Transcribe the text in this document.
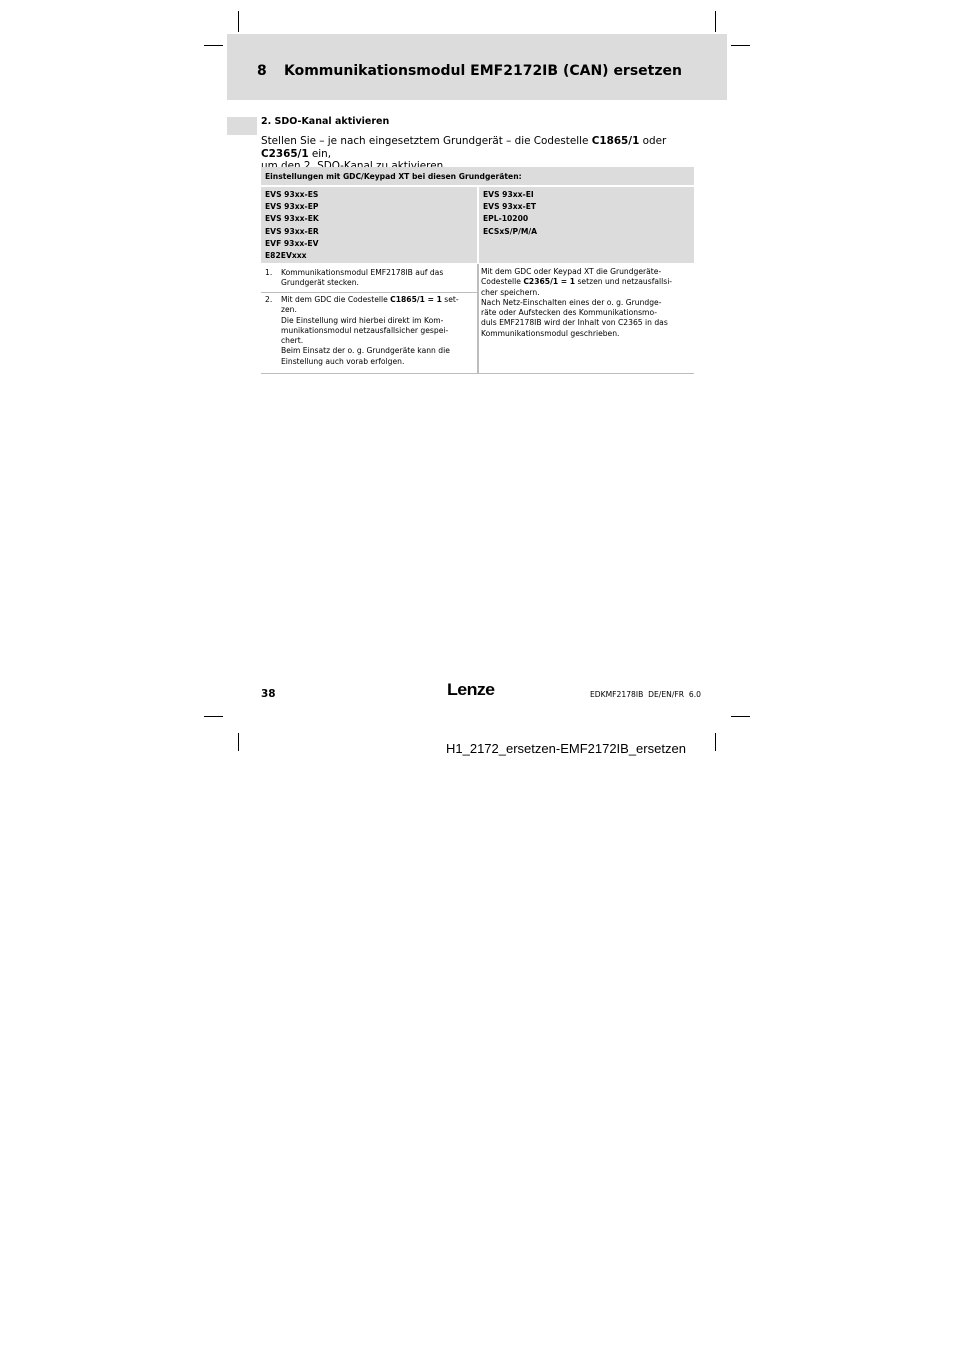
8 Kommunikationsmodul EMF2172IB (CAN) ersetzen
2. SDO-Kanal aktivieren
Stellen Sie – je nach eingesetztem Grundgerät – die Codestelle C1865/1 oder C2365/1 ein,

Einstellungen mit GDC/Keypad XT bei diesen Grundgeräten:
EVS 93xx-ES
EVS 93xx-EP
EVS 93xx-EK
EVS 93xx-ER
EVF 93xx-EV
E82EVxxx
EVS 93xx-EI
EVS 93xx-ET
EPL-10200
ECSxS/P/M/A
1. Kommunikationsmodul EMF2178IB auf das
Grundgerät stecken.
2. Mit dem GDC die Codestelle C1865/1 = 1 set-
zen.
Die Einstellung wird hierbei direkt im Kom-
munikationsmodul netzausfallsicher gespei-
chert.
Beim Einsatz der o. g. Grundgeräte kann die
Einstellung auch vorab erfolgen.
Mit dem GDC oder Keypad XT die Grundgeräte-
Codestelle C2365/1 = 1 setzen und netzausfallsi-
cher speichern.
Nach Netz-Einschalten eines der o. g. Grundge-
räte oder Aufstecken des Kommunikationsmo-
duls EMF2178IB wird der Inhalt von C2365 in das
Kommunikationsmodul geschrieben.
38	Lenze	EDKMF2178IB  DE/EN/FR  6.0
H1_2172_ersetzen-EMF2172IB_ersetzen
